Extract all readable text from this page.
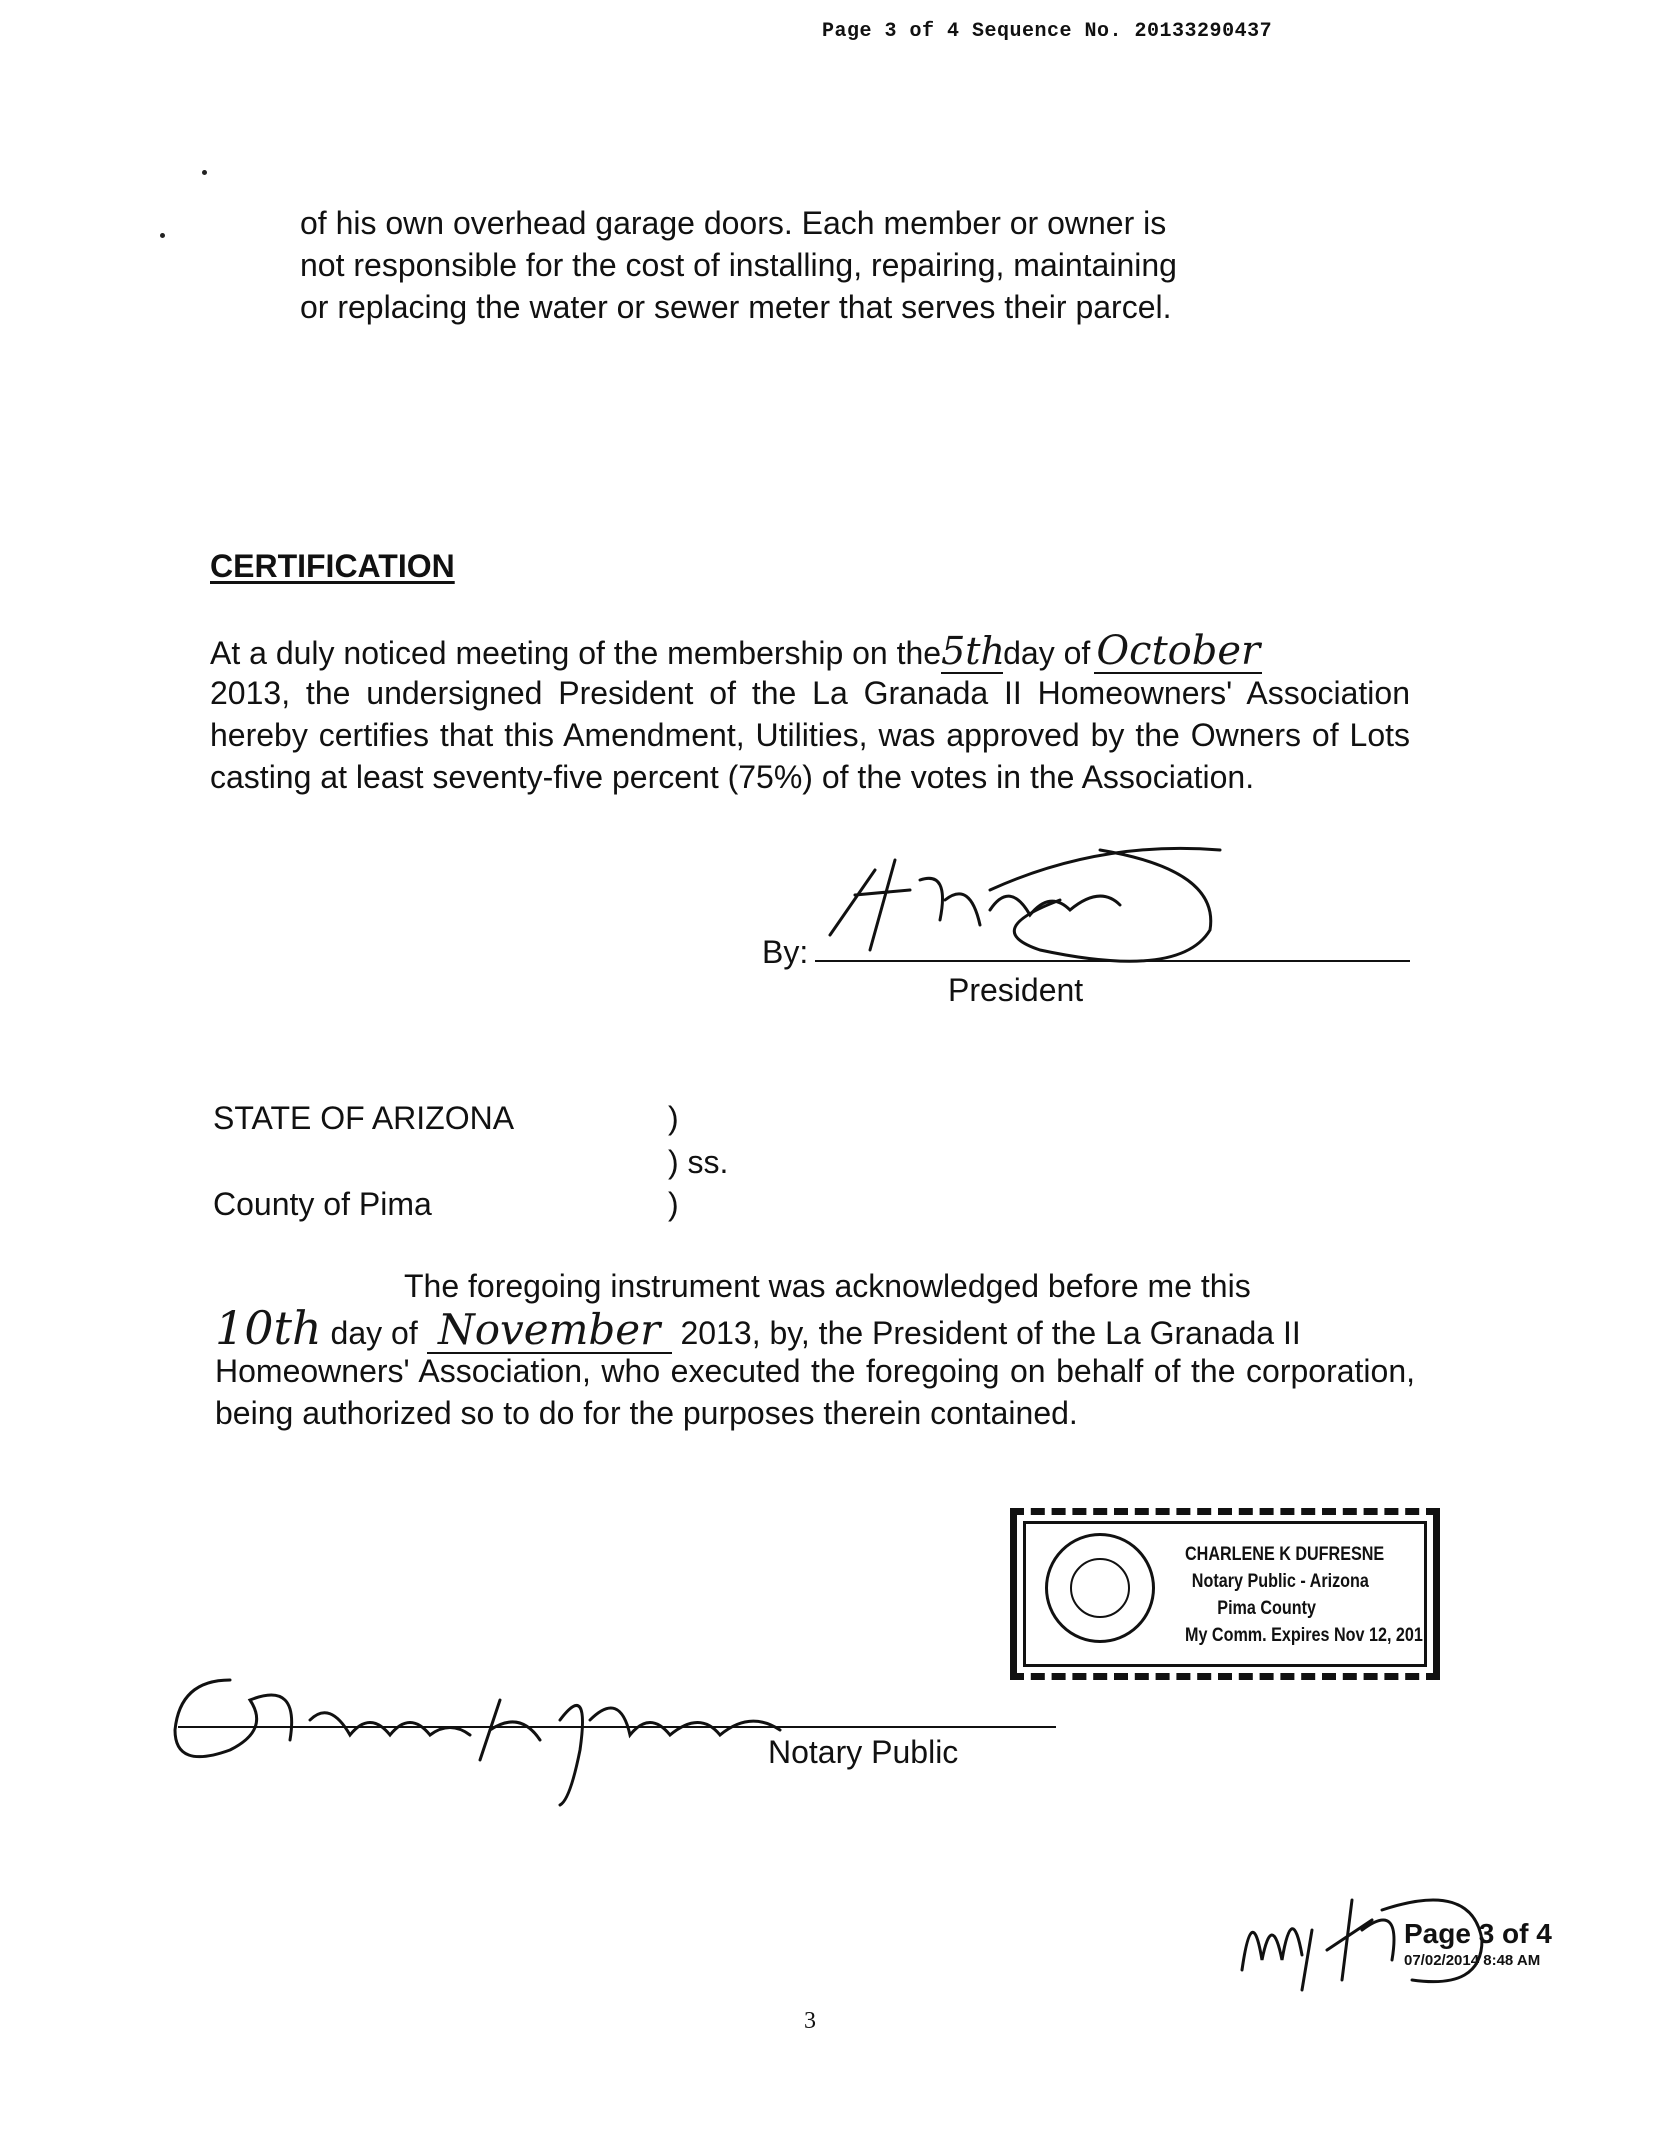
Page 3 of 4 Sequence No. 20133290437

of his own overhead garage doors. Each member or owner is

not responsible for the cost of installing, repairing, maintaining

or replacing the water or sewer meter that serves their parcel.

CERTIFICATION
At a duly noticed meeting of the membership on the5thday of October

2013, the undersigned President of the La Granada II Homeowners' Association hereby certifies that this Amendment, Utilities, was approved by the Owners of Lots casting at least seventy-five percent (75%) of the votes in the Association.

By:
President
STATE OF ARIZONA	)
) ss.
County of Pima	)
The foregoing instrument was acknowledged before me this
10th day of November 2013, by, the President of the La Granada II

Homeowners' Association, who executed the foregoing on behalf of the corporation, being authorized so to do for the purposes therein contained.

CHARLENE K DUFRESNE
Notary Public - Arizona
Pima County
My Comm. Expires Nov 12, 201
Notary Public
Page 3 of 4
07/02/2014 8:48 AM
3
